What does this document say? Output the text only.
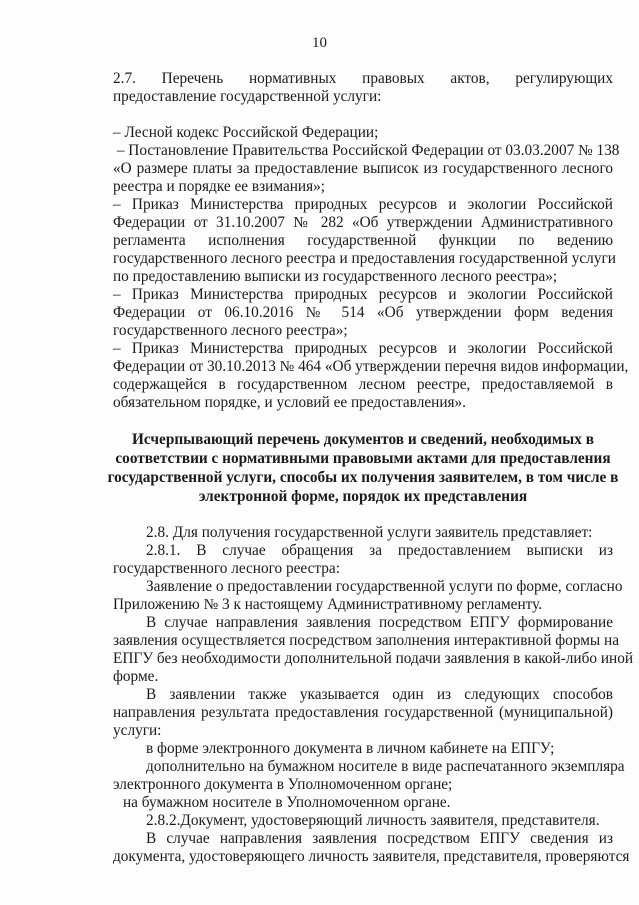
10
2.7.     Перечень     нормативных     правовых     актов,     регулирующих
предоставление государственной услуги:
– Лесной кодекс Российской Федерации;
– Постановление Правительства Российской Федерации от 03.03.2007 № 138
«О размере платы за предоставление выписок из государственного лесного
реестра и порядке ее взимания»;
– Приказ Министерства природных ресурсов и экологии Российской
Федерации от 31.10.2007 № 282 «Об утверждении Административного
регламента исполнения государственной функции по ведению
государственного лесного реестра и предоставления государственной услуги
по предоставлению выписки из государственного лесного реестра»;
– Приказ Министерства природных ресурсов и экологии Российской
Федерации от 06.10.2016 № 514 «Об утверждении форм ведения
государственного лесного реестра»;
– Приказ Министерства природных ресурсов и экологии Российской
Федерации от 30.10.2013 № 464 «Об утверждении перечня видов информации,
содержащейся в государственном лесном реестре, предоставляемой в
обязательном порядке, и условий ее предоставления».
Исчерпывающий перечень документов и сведений, необходимых в
соответствии с нормативными правовыми актами для предоставления
государственной услуги, способы их получения заявителем, в том числе в
электронной форме, порядок их представления
2.8. Для получения государственной услуги заявитель представляет:
2.8.1. В случае обращения за предоставлением выписки из
государственного лесного реестра:
Заявление о предоставлении государственной услуги по форме, согласно
Приложению № 3 к настоящему Административному регламенту.
В случае направления заявления посредством ЕПГУ формирование
заявления осуществляется посредством заполнения интерактивной формы на
ЕПГУ без необходимости дополнительной подачи заявления в какой-либо иной
форме.
В заявлении также указывается один из следующих способов
направления результата предоставления государственной (муниципальной)
услуги:
в форме электронного документа в личном кабинете на ЕПГУ;
дополнительно на бумажном носителе в виде распечатанного экземпляра
электронного документа в Уполномоченном органе;
на бумажном носителе в Уполномоченном органе.
2.8.2.Документ, удостоверяющий личность заявителя, представителя.
В случае направления заявления посредством ЕПГУ сведения из
документа, удостоверяющего личность заявителя, представителя, проверяются
